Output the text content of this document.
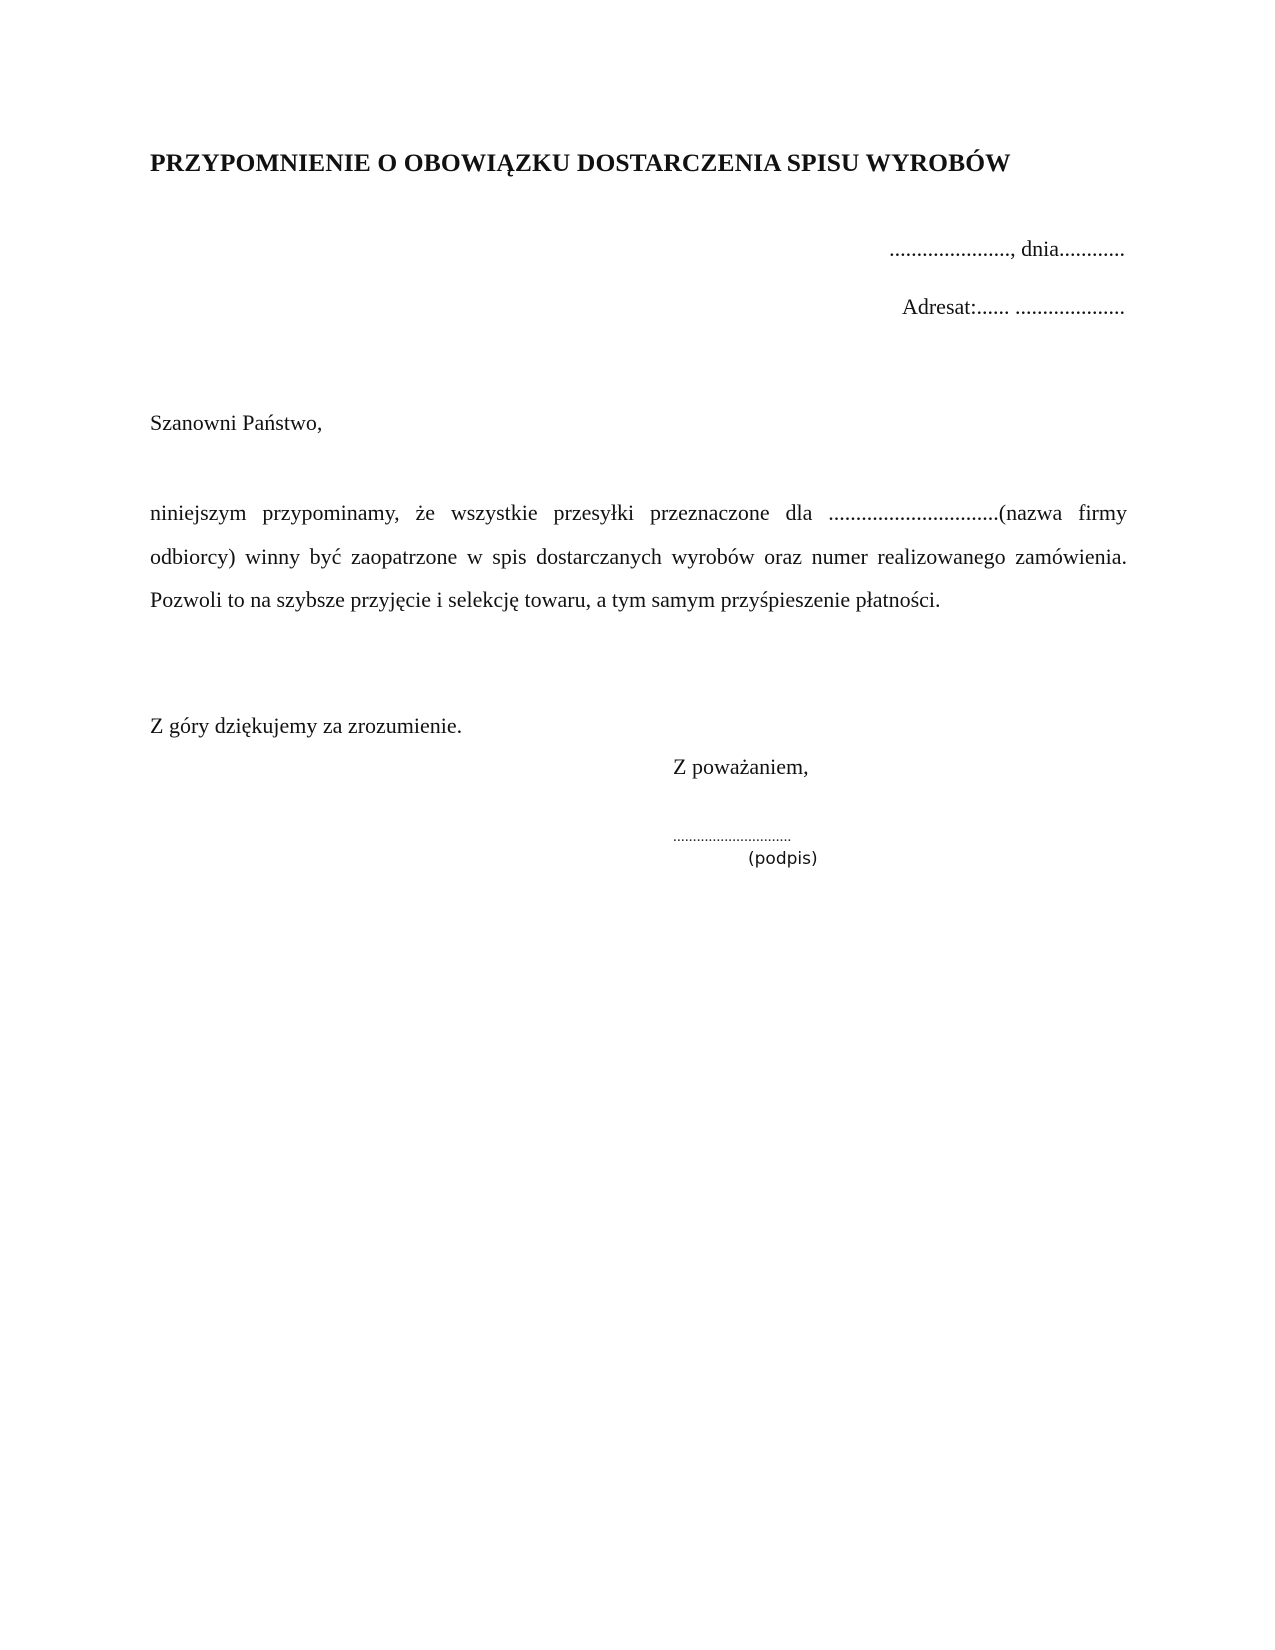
PRZYPOMNIENIE O OBOWIĄZKU DOSTARCZENIA SPISU WYROBÓW
......................, dnia............
Adresat:...... ....................
Szanowni Państwo,

niniejszym przypominamy, że wszystkie przesyłki przeznaczone dla ...............................(nazwa firmy odbiorcy) winny być zaopatrzone w spis dostarczanych wyrobów oraz numer realizowanego zamówienia. Pozwoli to na szybsze przyjęcie i selekcję towaru, a tym samym przyśpieszenie płatności.

Z góry dziękujemy za zrozumienie.
Z poważaniem,
..............................
(podpis)
